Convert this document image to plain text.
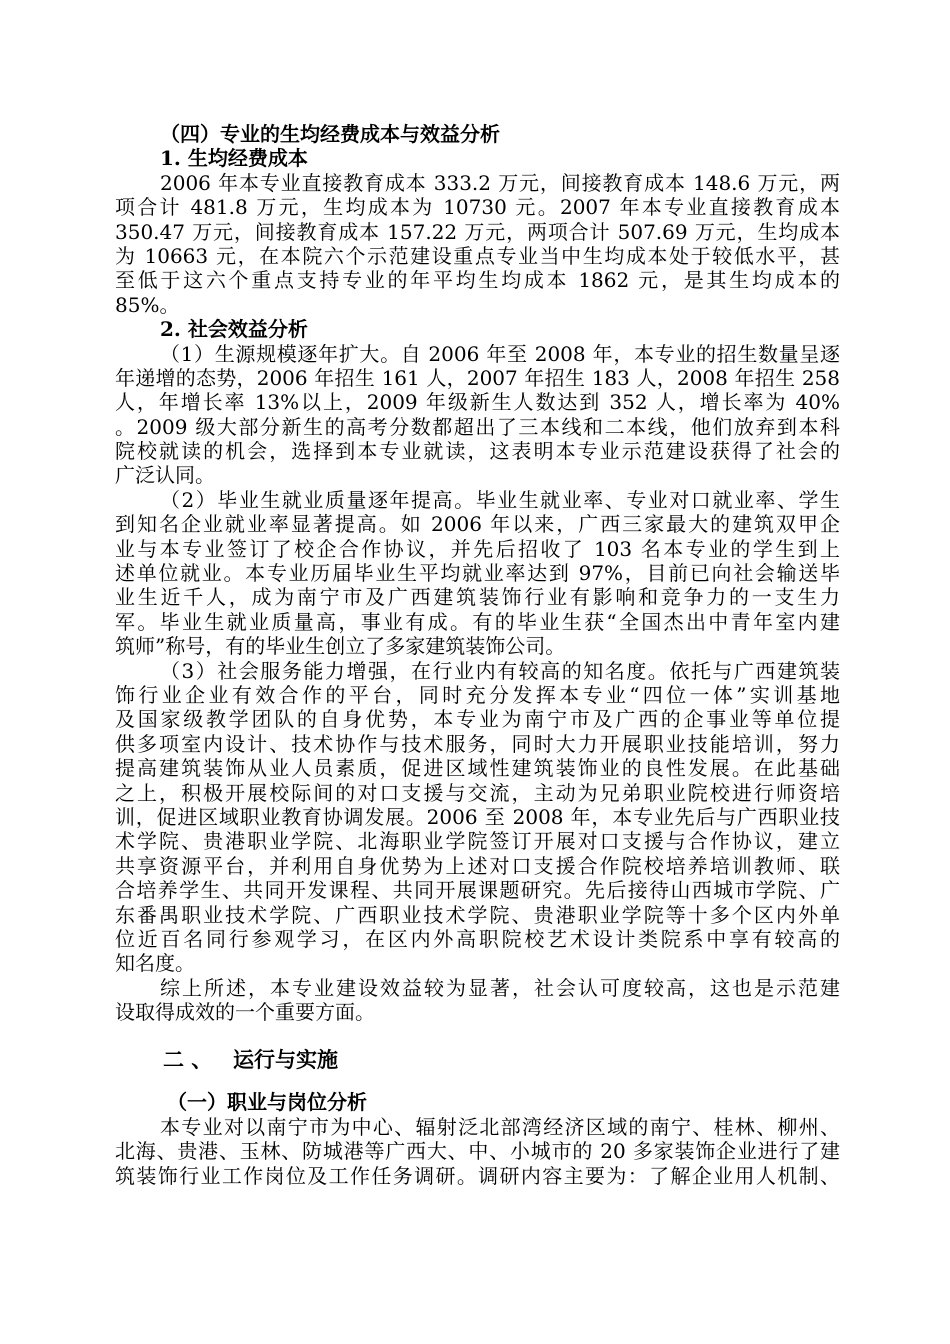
（四）专业的生均经费成本与效益分析
1. 生均经费成本
2006 年本专业直接教育成本 333.2 万元，间接教育成本 148.6 万元，两
项合计 481.8 万元，生均成本为 10730 元。2007 年本专业直接教育成本
350.47 万元，间接教育成本 157.22 万元，两项合计 507.69 万元，生均成本
为 10663 元，在本院六个示范建设重点专业当中生均成本处于较低水平，甚
至低于这六个重点支持专业的年平均生均成本 1862 元，是其生均成本的
85%。
2. 社会效益分析
（1）生源规模逐年扩大。自 2006 年至 2008 年，本专业的招生数量呈逐
年递增的态势，2006 年招生 161 人，2007 年招生 183 人，2008 年招生 258
人，年增长率 13%以上，2009 年级新生人数达到 352 人，增长率为 40%
。2009 级大部分新生的高考分数都超出了三本线和二本线，他们放弃到本科
院校就读的机会，选择到本专业就读，这表明本专业示范建设获得了社会的
广泛认同。
（2）毕业生就业质量逐年提高。毕业生就业率、专业对口就业率、学生
到知名企业就业率显著提高。如 2006 年以来，广西三家最大的建筑双甲企
业与本专业签订了校企合作协议，并先后招收了 103 名本专业的学生到上
述单位就业。本专业历届毕业生平均就业率达到 97%，目前已向社会输送毕
业生近千人，成为南宁市及广西建筑装饰行业有影响和竞争力的一支生力
军。毕业生就业质量高，事业有成。有的毕业生获“全国杰出中青年室内建
筑师”称号，有的毕业生创立了多家建筑装饰公司。
（3）社会服务能力增强，在行业内有较高的知名度。依托与广西建筑装
饰行业企业有效合作的平台，同时充分发挥本专业“四位一体”实训基地
及国家级教学团队的自身优势，本专业为南宁市及广西的企事业等单位提
供多项室内设计、技术协作与技术服务，同时大力开展职业技能培训，努力
提高建筑装饰从业人员素质，促进区域性建筑装饰业的良性发展。在此基础
之上，积极开展校际间的对口支援与交流，主动为兄弟职业院校进行师资培
训，促进区域职业教育协调发展。2006 至 2008 年，本专业先后与广西职业技
术学院、贵港职业学院、北海职业学院签订开展对口支援与合作协议，建立
共享资源平台，并利用自身优势为上述对口支援合作院校培养培训教师、联
合培养学生、共同开发课程、共同开展课题研究。先后接待山西城市学院、广
东番禺职业技术学院、广西职业技术学院、贵港职业学院等十多个区内外单
位近百名同行参观学习，在区内外高职院校艺术设计类院系中享有较高的
知名度。
综上所述，本专业建设效益较为显著，社会认可度较高，这也是示范建
设取得成效的一个重要方面。
二 、 运行与实施
（一）职业与岗位分析
本专业对以南宁市为中心、辐射泛北部湾经济区域的南宁、桂林、柳州、
北海、贵港、玉林、防城港等广西大、中、小城市的 20 多家装饰企业进行了建
筑装饰行业工作岗位及工作任务调研。调研内容主要为：了解企业用人机制、
